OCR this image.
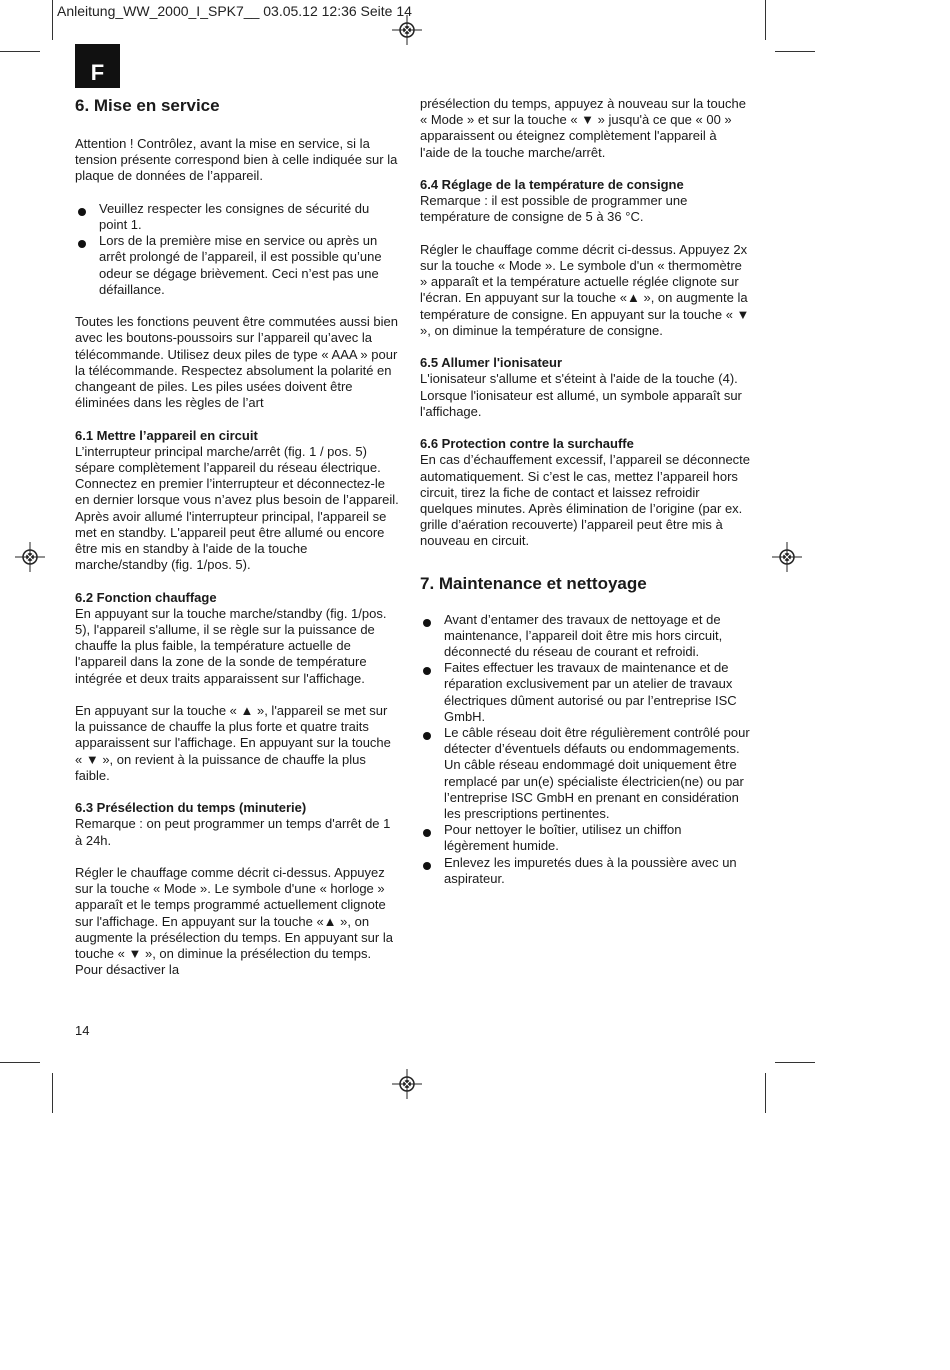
Anleitung_WW_2000_I_SPK7__ 03.05.12 12:36 Seite 14
F

6. Mise en service

Attention ! Contrôlez, avant la mise en service, si la tension présente correspond bien à celle indiquée sur la plaque de données de l’appareil.

Veuillez respecter les consignes de sécurité du point 1.
Lors de la première mise en service ou après un arrêt prolongé de l’appareil, il est possible qu’une odeur se dégage brièvement. Ceci n’est pas une défaillance.

Toutes les fonctions peuvent être commutées aussi bien avec les boutons-poussoirs sur l’appareil qu’avec la télécommande. Utilisez deux piles de type « AAA » pour la télécommande. Respectez absolument la polarité en changeant de piles. Les piles usées doivent être éliminées dans les règles de l’art

6.1 Mettre l’appareil en circuit

L’interrupteur principal marche/arrêt (fig. 1 / pos. 5) sépare complètement l’appareil du réseau électrique. Connectez en premier l’interrupteur et déconnectez-le en dernier lorsque vous n’avez plus besoin de l’appareil.

Après avoir allumé l'interrupteur principal, l'appareil se met en standby. L'appareil peut être allumé ou encore être mis en standby à l'aide de la touche marche/standby (fig. 1/pos. 5).

6.2 Fonction chauffage

En appuyant sur la touche marche/standby (fig. 1/pos. 5), l'appareil s'allume, il se règle sur la puissance de chauffe la plus faible, la température actuelle de l'appareil dans la zone de la sonde de température intégrée et deux traits apparaissent sur l'affichage.

En appuyant sur la touche « ▲ », l'appareil se met sur la puissance de chauffe la plus forte et quatre traits apparaissent sur l'affichage. En appuyant sur la touche « ▼ », on revient à la puissance de chauffe la plus faible.

6.3 Présélection du temps (minuterie)

Remarque : on peut programmer un temps d'arrêt de 1 à 24h.

Régler le chauffage comme décrit ci-dessus. Appuyez sur la touche « Mode ». Le symbole d'une « horloge » apparaît et le temps programmé actuellement clignote sur l'affichage. En appuyant sur la touche «▲ », on augmente la présélection du temps. En appuyant sur la touche « ▼ », on diminue la présélection du temps. Pour désactiver la

présélection du temps, appuyez à nouveau sur la touche « Mode » et sur la touche « ▼ » jusqu'à ce que « 00 » apparaissent ou éteignez complètement l'appareil à l'aide de la touche marche/arrêt.

6.4 Réglage de la température de consigne

Remarque : il est possible de programmer une température de consigne de 5 à 36 °C.

Régler le chauffage comme décrit ci-dessus. Appuyez 2x sur la touche « Mode ». Le symbole d'un « thermomètre » apparaît et la température actuelle réglée clignote sur l'écran. En appuyant sur la touche «▲ », on augmente la température de consigne. En appuyant sur la touche « ▼ », on diminue la température de consigne.

6.5 Allumer l'ionisateur

L'ionisateur s'allume et s'éteint à l'aide de la touche (4). Lorsque l'ionisateur est allumé, un symbole apparaît sur l'affichage.

6.6 Protection contre la surchauffe

En cas d’échauffement excessif, l’appareil se déconnecte automatiquement. Si c’est le cas, mettez l’appareil hors circuit, tirez la fiche de contact et laissez refroidir quelques minutes. Après élimination de l’origine (par ex. grille d’aération recouverte) l’appareil peut être mis à nouveau en circuit.

7. Maintenance et nettoyage

Avant d’entamer des travaux de nettoyage et de maintenance, l’appareil doit être mis hors circuit, déconnecté du réseau de courant et refroidi.
Faites effectuer les travaux de maintenance et de réparation exclusivement par un atelier de travaux électriques dûment autorisé ou par l’entreprise ISC GmbH.
Le câble réseau doit être régulièrement contrôlé pour détecter d’éventuels défauts ou endommagements. Un câble réseau endommagé doit uniquement être remplacé par un(e) spécialiste électricien(ne) ou par l’entreprise ISC GmbH en prenant en considération les prescriptions pertinentes.
Pour nettoyer le boîtier, utilisez un chiffon légèrement humide.
Enlevez les impuretés dues à la poussière avec un aspirateur.
14
